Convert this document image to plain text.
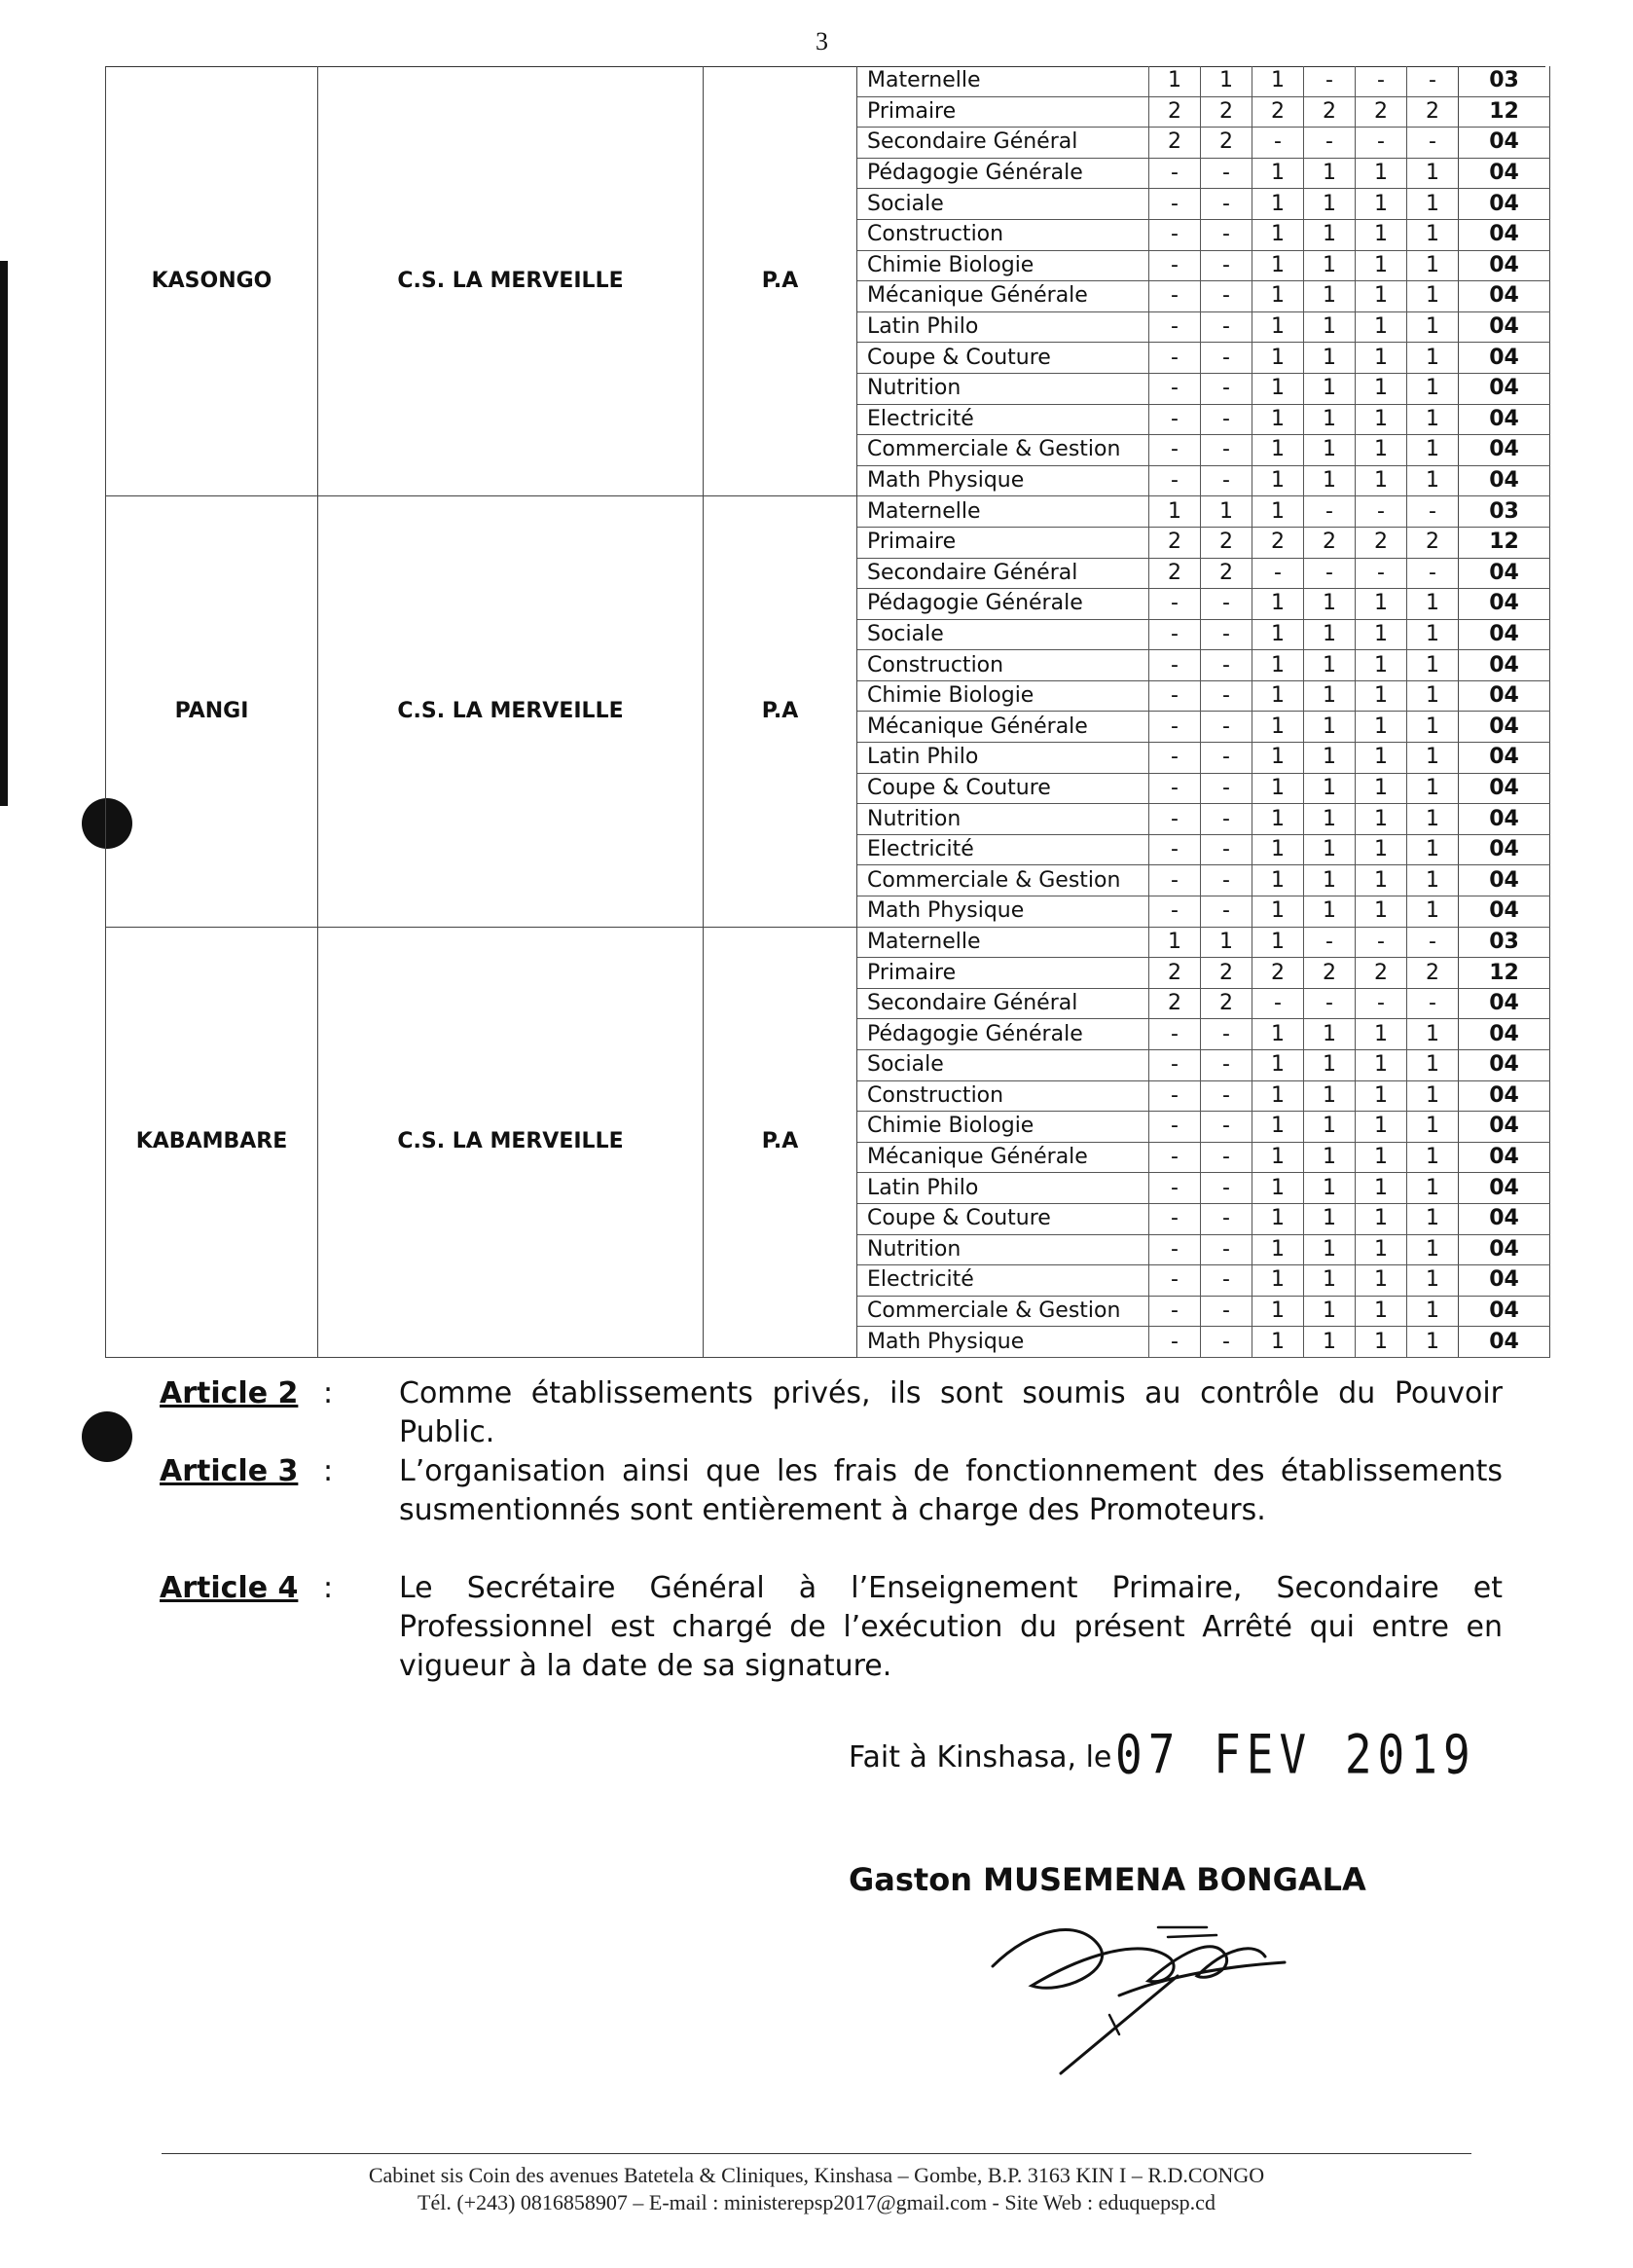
3
KASONGO	C.S. LA MERVEILLE	P.A	Maternelle	1	1	1	-	-	-	03
			Primaire	2	2	2	2	2	2	12
			Secondaire Général	2	2	-	-	-	-	04
			Pédagogie Générale	-	-	1	1	1	1	04
			Sociale	-	-	1	1	1	1	04
			Construction	-	-	1	1	1	1	04
			Chimie Biologie	-	-	1	1	1	1	04
			Mécanique Générale	-	-	1	1	1	1	04
			Latin Philo	-	-	1	1	1	1	04
			Coupe & Couture	-	-	1	1	1	1	04
			Nutrition	-	-	1	1	1	1	04
			Electricité	-	-	1	1	1	1	04
			Commerciale & Gestion	-	-	1	1	1	1	04
			Math Physique	-	-	1	1	1	1	04
PANGI	C.S. LA MERVEILLE	P.A	Maternelle	1	1	1	-	-	-	03
			Primaire	2	2	2	2	2	2	12
			Secondaire Général	2	2	-	-	-	-	04
			Pédagogie Générale	-	-	1	1	1	1	04
			Sociale	-	-	1	1	1	1	04
			Construction	-	-	1	1	1	1	04
			Chimie Biologie	-	-	1	1	1	1	04
			Mécanique Générale	-	-	1	1	1	1	04
			Latin Philo	-	-	1	1	1	1	04
			Coupe & Couture	-	-	1	1	1	1	04
			Nutrition	-	-	1	1	1	1	04
			Electricité	-	-	1	1	1	1	04
			Commerciale & Gestion	-	-	1	1	1	1	04
			Math Physique	-	-	1	1	1	1	04
KABAMBARE	C.S. LA MERVEILLE	P.A	Maternelle	1	1	1	-	-	-	03
			Primaire	2	2	2	2	2	2	12
			Secondaire Général	2	2	-	-	-	-	04
			Pédagogie Générale	-	-	1	1	1	1	04
			Sociale	-	-	1	1	1	1	04
			Construction	-	-	1	1	1	1	04
			Chimie Biologie	-	-	1	1	1	1	04
			Mécanique Générale	-	-	1	1	1	1	04
			Latin Philo	-	-	1	1	1	1	04
			Coupe & Couture	-	-	1	1	1	1	04
			Nutrition	-	-	1	1	1	1	04
			Electricité	-	-	1	1	1	1	04
			Commerciale & Gestion	-	-	1	1	1	1	04
			Math Physique	-	-	1	1	1	1	04
Article 2 : Comme établissements privés, ils sont soumis au contrôle du Pouvoir Public.
Article 3 : L’organisation ainsi que les frais de fonctionnement des établissements susmentionnés sont entièrement à charge des Promoteurs.
Article 4 : Le Secrétaire Général à l’Enseignement Primaire, Secondaire et Professionnel est chargé de l’exécution du présent Arrêté qui entre en vigueur à la date de sa signature.
Fait à Kinshasa, le 07 FEV 2019
Gaston MUSEMENA BONGALA
Cabinet sis Coin des avenues Batetela & Cliniques, Kinshasa – Gombe, B.P. 3163 KIN I – R.D.CONGO
Tél. (+243) 0816858907 – E-mail : ministerepsp2017@gmail.com - Site Web : eduquepsp.cd
